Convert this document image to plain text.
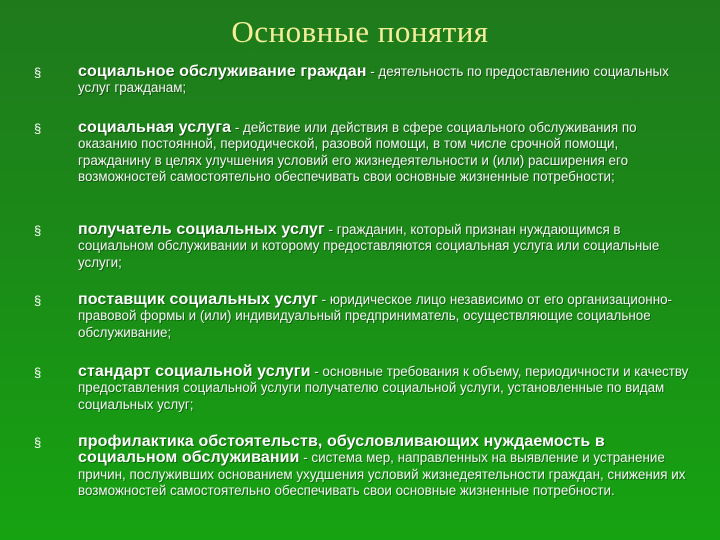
Основные понятия
§ социальное обслуживание граждан - деятельность по предоставлению социальных услуг гражданам;
§ социальная услуга - действие или действия в сфере социального обслуживания по оказанию постоянной, периодической, разовой помощи, в том числе срочной помощи, гражданину в целях улучшения условий его жизнедеятельности и (или) расширения его возможностей самостоятельно обеспечивать свои основные жизненные потребности;
§ получатель социальных услуг - гражданин, который признан нуждающимся в социальном обслуживании и которому предоставляются социальная услуга или социальные услуги;
§ поставщик социальных услуг - юридическое лицо независимо от его организационно-правовой формы и (или) индивидуальный предприниматель, осуществляющие социальное обслуживание;
§ стандарт социальной услуги - основные требования к объему, периодичности и качеству предоставления социальной услуги получателю социальной услуги, установленные по видам социальных услуг;
§ профилактика обстоятельств, обусловливающих нуждаемость в социальном обслуживании - система мер, направленных на выявление и устранение причин, послуживших основанием ухудшения условий жизнедеятельности граждан, снижения их возможностей самостоятельно обеспечивать свои основные жизненные потребности.
